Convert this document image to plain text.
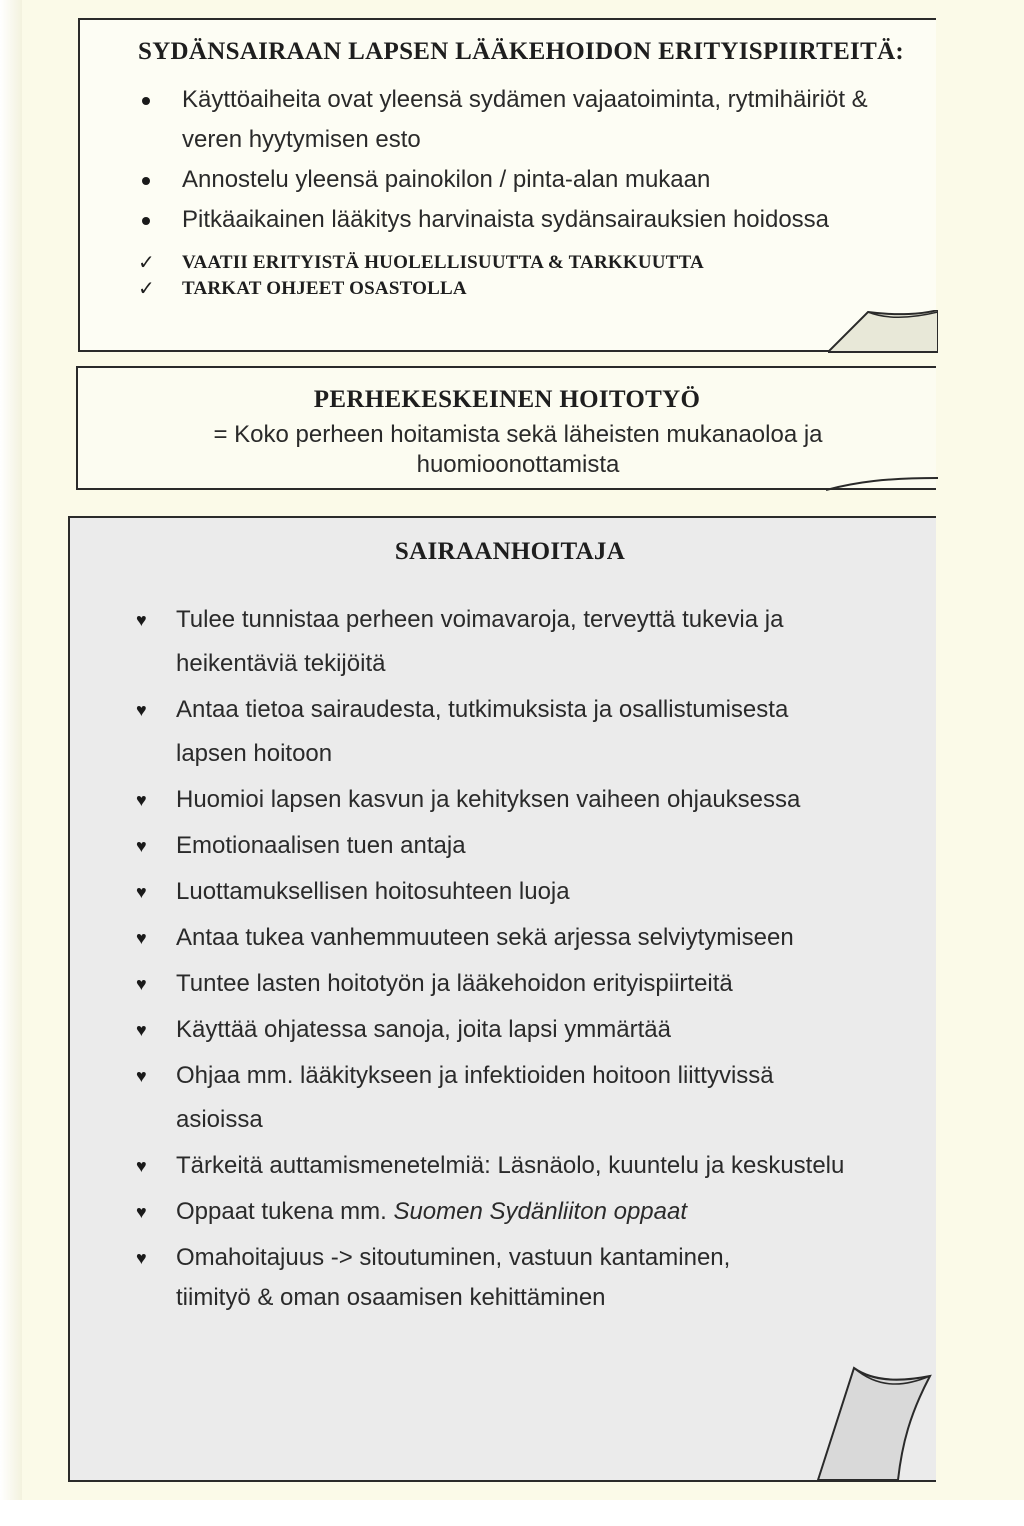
SYDÄNSAIRAAN LAPSEN LÄÄKEHOIDON ERITYISPIIRTEITÄ:
Käyttöaiheita ovat yleensä sydämen vajaatoiminta, rytmihäiriöt & veren hyytymisen esto
Annostelu yleensä painokilon / pinta-alan mukaan
Pitkäaikainen lääkitys harvinaista sydänsairauksien hoidossa
✓ VAATII ERITYISTÄ HUOLELLISUUTTA & TARKKUUTTA
✓ TARKAT OHJEET OSASTOLLA
PERHEKESKEINEN HOITOTYÖ
= Koko perheen hoitamista sekä läheisten mukanaoloa ja huomioonottamista
SAIRAANHOITAJA
♥ Tulee tunnistaa perheen voimavaroja, terveyttä tukevia ja heikentäviä tekijöitä
♥ Antaa tietoa sairaudesta, tutkimuksista ja osallistumisesta lapsen hoitoon
♥ Huomioi lapsen kasvun ja kehityksen vaiheen ohjauksessa
♥ Emotionaalisen tuen antaja
♥ Luottamuksellisen hoitosuhteen luoja
♥ Antaa tukea vanhemmuuteen sekä arjessa selviytymiseen
♥ Tuntee lasten hoitotyön ja lääkehoidon erityispiirteitä
♥ Käyttää ohjatessa sanoja, joita lapsi ymmärtää
♥ Ohjaa mm. lääkitykseen ja infektioiden hoitoon liittyvissä asioissa
♥ Tärkeitä auttamismenetelmiä: Läsnäolo, kuuntelu ja keskustelu
♥ Oppaat tukena mm. Suomen Sydänliiton oppaat
♥ Omahoitajuus -> sitoutuminen, vastuun kantaminen,
tiimityö & oman osaamisen kehittäminen
